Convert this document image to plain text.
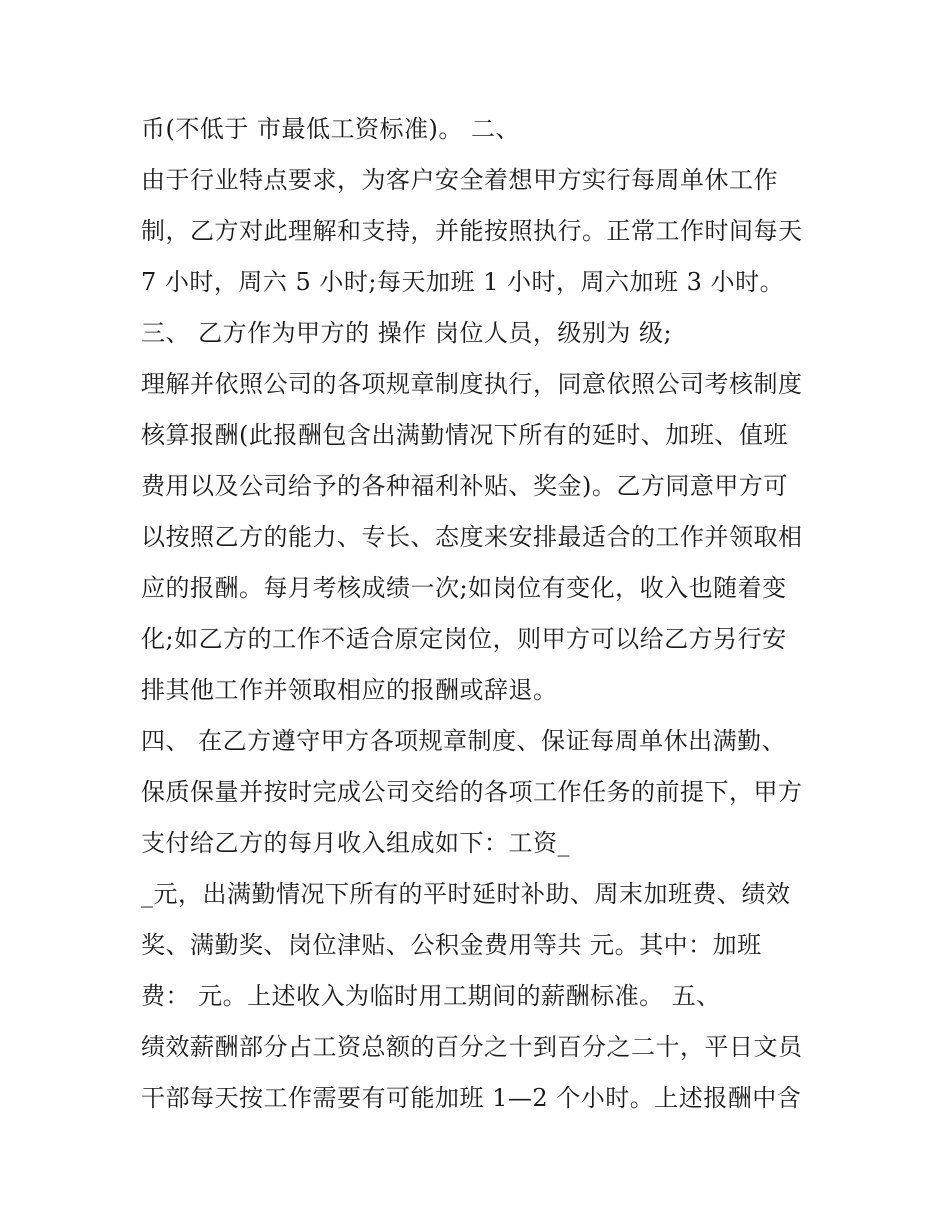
币(不低于 市最低工资标准)。 二、
由于行业特点要求，为客户安全着想甲方实行每周单休工作
制，乙方对此理解和支持，并能按照执行。正常工作时间每天
7 小时，周六 5 小时;每天加班 1 小时，周六加班 3 小时。
三、 乙方作为甲方的 操作 岗位人员，级别为 级;
理解并依照公司的各项规章制度执行，同意依照公司考核制度
核算报酬(此报酬包含出满勤情况下所有的延时、加班、值班
费用以及公司给予的各种福利补贴、奖金)。乙方同意甲方可
以按照乙方的能力、专长、态度来安排最适合的工作并领取相
应的报酬。每月考核成绩一次;如岗位有变化，收入也随着变
化;如乙方的工作不适合原定岗位，则甲方可以给乙方另行安
排其他工作并领取相应的报酬或辞退。
四、 在乙方遵守甲方各项规章制度、保证每周单休出满勤、
保质保量并按时完成公司交给的各项工作任务的前提下，甲方
支付给乙方的每月收入组成如下：工资_
_元，出满勤情况下所有的平时延时补助、周末加班费、绩效
奖、满勤奖、岗位津贴、公积金费用等共 元。其中：加班
费： 元。上述收入为临时用工期间的薪酬标准。 五、
绩效薪酬部分占工资总额的百分之十到百分之二十，平日文员
干部每天按工作需要有可能加班 1—2 个小时。上述报酬中含
